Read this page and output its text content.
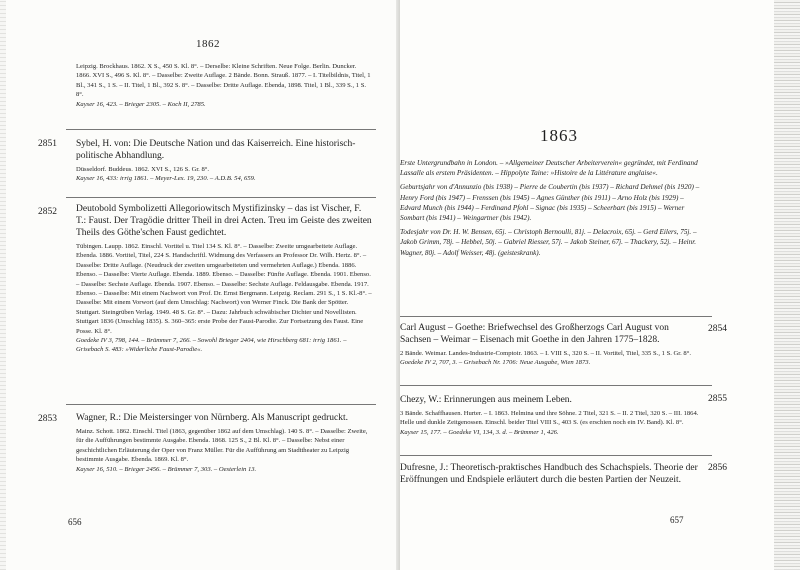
1862

Leipzig. Brockhaus. 1862. X S., 450 S. Kl. 8°. – Derselbe: Kleine Schriften. Neue Folge. Berlin. Duncker. 1866. XVI S., 496 S. Kl. 8°. – Dasselbe: Zweite Auflage. 2 Bände. Bonn. Strauß. 1877. – I. Titelbildnis, Titel, 1 Bl., 341 S., 1 S. – II. Titel, 1 Bl., 392 S. 8°. – Dasselbe: Dritte Auflage. Ebenda, 1898. Titel, 1 Bl., 339 S., 1 S. 8°.

Kayser 16, 423. – Brieger 2305. – Koch II, 2785.

2851 Sybel, H. von: Die Deutsche Nation und das Kaiserreich. Eine historisch-politische Abhandlung.

Düsseldorf. Buddeus. 1862. XVI S., 126 S. Gr. 8°.

Kayser 16, 433: irrig 1861. – Meyer-Lex. 19, 230. – A.D.B. 54, 659.

2852 Deutobold Symbolizetti Allegoriowitsch Mystifizinsky – das ist Vischer, F. T.: Faust. Der Tragödie dritter Theil in drei Acten. Treu im Geiste des zweiten Theils des Göthe'schen Faust gedichtet.

Tübingen. Laupp. 1862. Einschl. Vortitel u. Titel 134 S. Kl. 8°. – Dasselbe: Zweite umgearbeitete Auflage. Ebenda. 1886. Vortitel, Titel, 224 S. Handschriftl. Widmung des Verfassers an Professor Dr. Wilh. Hertz. 8°. – Dasselbe: Dritte Auflage. (Neudruck der zweiten umgearbeiteten und vermehrten Auflage.) Ebenda. 1886. Ebenso. – Dasselbe: Vierte Auflage. Ebenda. 1889. Ebenso. – Dasselbe: Fünfte Auflage. Ebenda. 1901. Ebenso. – Dasselbe: Sechste Auflage. Ebenda. 1907. Ebenso. – Dasselbe: Sechste Auflage. Feldausgabe. Ebenda. 1917. Ebenso. – Dasselbe: Mit einem Nachwort von Prof. Dr. Ernst Bergmann. Leipzig. Reclam. 291 S., 1 S. Kl.-8°. – Dasselbe: Mit einem Vorwort (auf dem Umschlag: Nachwort) von Werner Finck. Die Bank der Spötter. Stuttgart. Steingrüben Verlag. 1949. 48 S. Gr. 8°. – Dazu: Jahrbuch schwäbischer Dichter und Novellisten. Stuttgart 1836 (Umschlag 1835). S. 360–365: erste Probe der Faust-Parodie. Zur Fortsetzung des Faust. Eine Posse. Kl. 8°.

Goedeke IV 3, 798, 144. – Brümmer 7, 266. – Sowohl Brieger 2404, wie Hirschberg 681: irrig 1861. – Grisebach S. 483: »Widerliche Faust-Parodie«.

2853 Wagner, R.: Die Meistersinger von Nürnberg. Als Manuscript gedruckt.

Mainz. Schott. 1862. Einschl. Titel (1863, gegenüber 1862 auf dem Umschlag). 140 S. 8°. – Dasselbe: Zweite, für die Aufführungen bestimmte Ausgabe. Ebenda. 1868. 125 S., 2 Bl. Kl. 8°. – Dasselbe: Nebst einer geschichtlichen Erläuterung der Oper von Franz Müller. Für die Aufführung am Stadttheater zu Leipzig bestimmte Ausgabe. Ebenda. 1869. Kl. 8°.

Kayser 16, 510. – Brieger 2456. – Brümmer 7, 303. – Oesterlein 13.

656
1863

Erste Untergrundbahn in London. – »Allgemeiner Deutscher Arbeiterverein« gegründet, mit Ferdinand Lassalle als erstem Präsidenten. – Hippolyte Taine: »Histoire de la Littérature anglaise«.

Geburtsjahr von d'Annunzio (bis 1938) – Pierre de Coubertin (bis 1937) – Richard Dehmel (bis 1920) – Henry Ford (bis 1947) – Frenssen (bis 1945) – Agnes Günther (bis 1911) – Arno Holz (bis 1929) – Edvard Munch (bis 1944) – Ferdinand Pfohl – Signac (bis 1935) – Scheerbart (bis 1915) – Werner Sombart (bis 1941) – Weingartner (bis 1942).

Todesjahr von Dr. H. W. Bensen, 65j. – Christoph Bernoulli, 81j. – Delacroix, 65j. – Gerd Eilers, 75j. – Jakob Grimm, 78j. – Hebbel, 50j. – Gabriel Riesser, 57j. – Jakob Steiner, 67j. – Thackery, 52j. – Heinr. Wagner, 80j. – Adolf Weisser, 48j. (geisteskrank).

Carl August – Goethe: Briefwechsel des Großherzogs Carl August von Sachsen – Weimar – Eisenach mit Goethe in den Jahren 1775–1828.

2 Bände. Weimar. Landes-Industrie-Comptoir. 1863. – I. VIII S., 320 S. – II. Vortitel, Titel, 335 S., 1 S. Gr. 8°.

Goedeke IV 2, 707, 3. – Grisebach Nr. 1706: Neue Ausgabe, Wien 1873.

2854

Chezy, W.: Erinnerungen aus meinem Leben.

3 Bände. Schaffhausen. Hurter. – I. 1863. Helmina und ihre Söhne. 2 Titel, 321 S. – II. 2 Titel, 320 S. – III. 1864. Helle und dunkle Zeitgenossen. Einschl. beider Titel VIII S., 403 S. (es erschien noch ein IV. Band). Kl. 8°.

Kayser 15, 177. – Goedeke VI, 134, 3. d. – Brümmer 1, 426.

2855

Dufresne, J.: Theoretisch-praktisches Handbuch des Schachspiels. Theorie der Eröffnungen und Endspiele erläutert durch die besten Partien der Neuzeit.

2856
657
